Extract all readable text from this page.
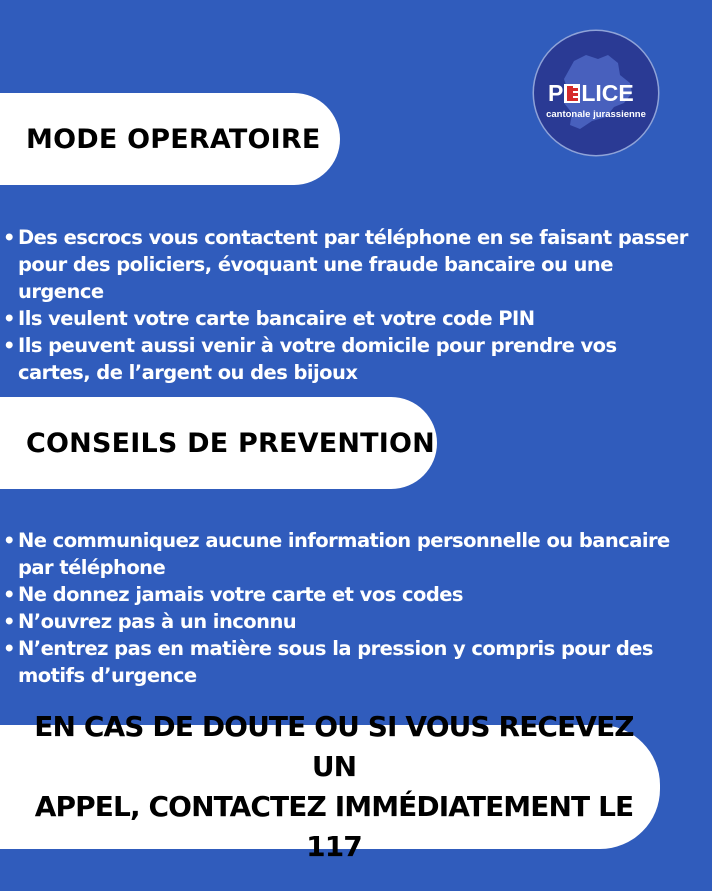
P LICE
cantonale jurassienne
MODE OPERATOIRE
• Des escrocs vous contactent par téléphone en se faisant passer pour des policiers, évoquant une fraude bancaire ou une urgence
• Ils veulent votre carte bancaire et votre code PIN
• Ils peuvent aussi venir à votre domicile pour prendre vos cartes, de l’argent ou des bijoux
CONSEILS DE PREVENTION
• Ne communiquez aucune information personnelle ou bancaire par téléphone
• Ne donnez jamais votre carte et vos codes
• N’ouvrez pas à un inconnu
• N’entrez pas en matière sous la pression y compris pour des motifs d’urgence
EN CAS DE DOUTE OU SI VOUS RECEVEZ UN
APPEL, CONTACTEZ IMMÉDIATEMENT LE 117
